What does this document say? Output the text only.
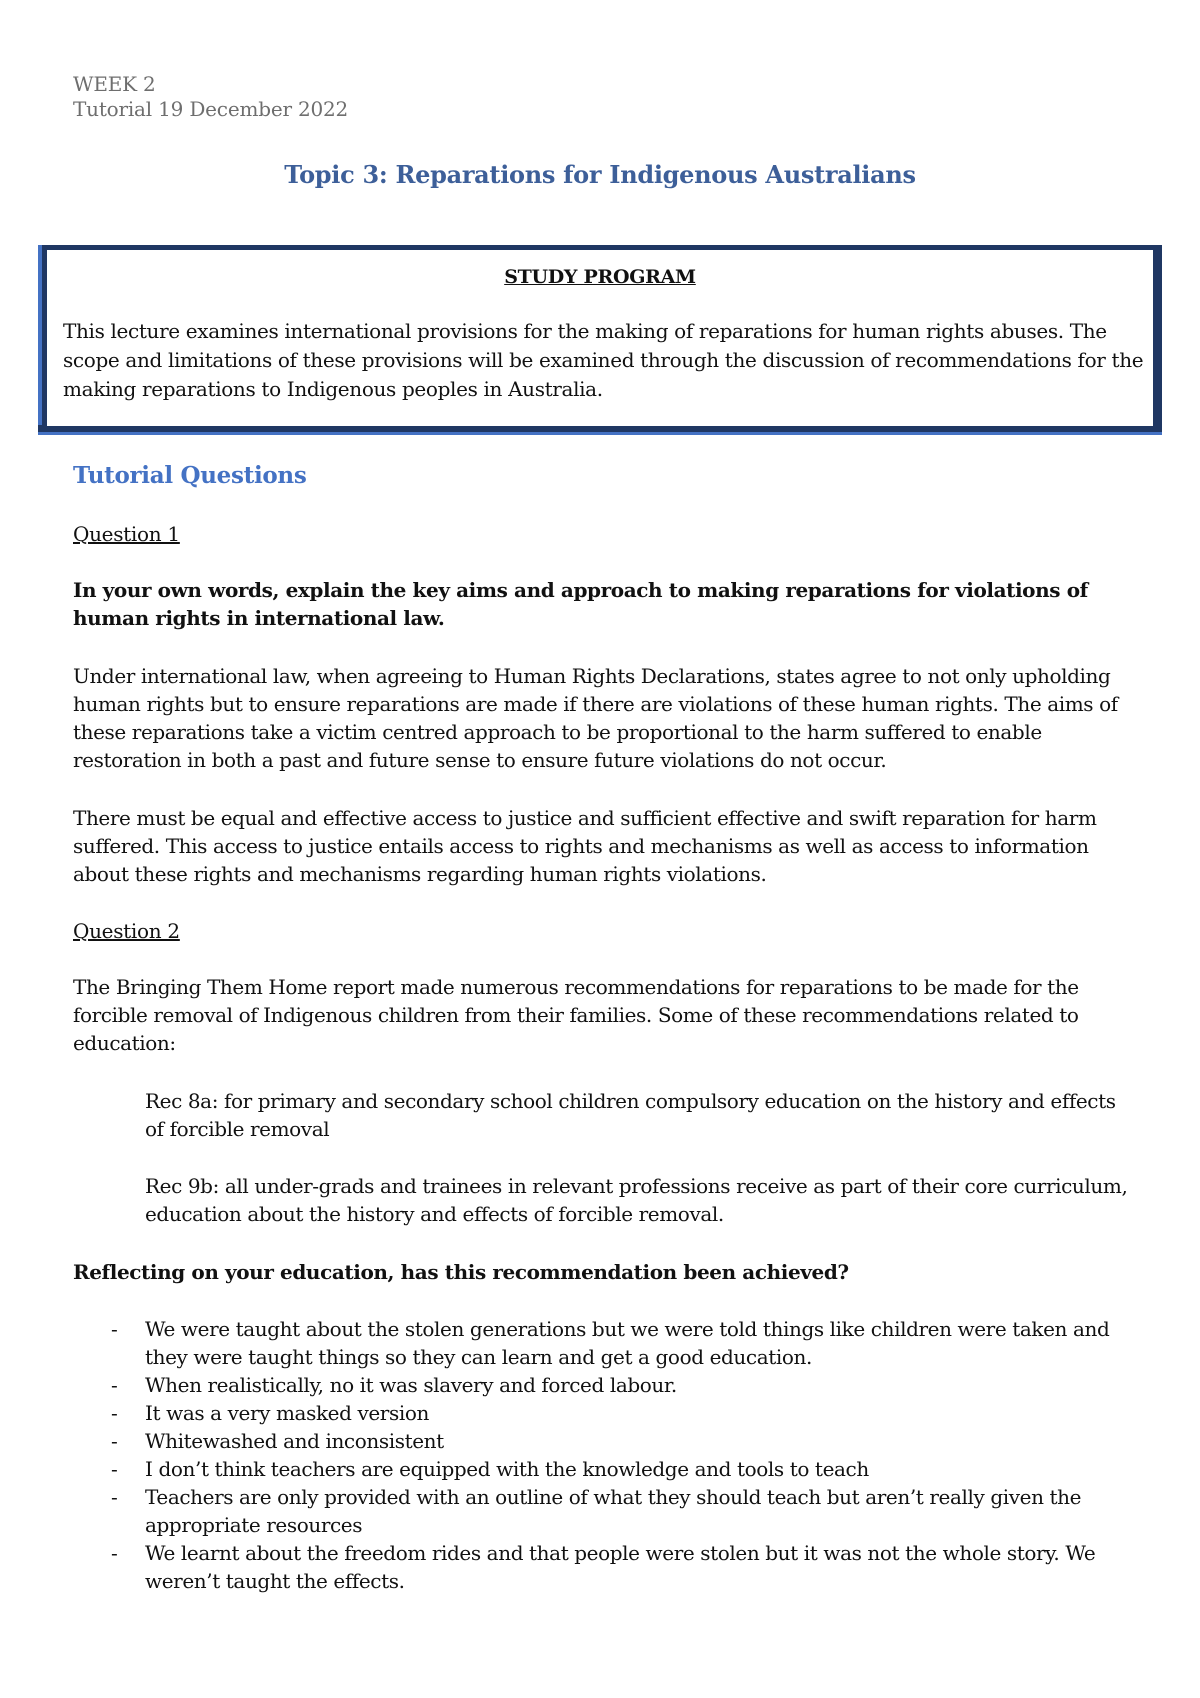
WEEK 2
Tutorial 19 December 2022
Topic 3: Reparations for Indigenous Australians
STUDY PROGRAM

This lecture examines international provisions for the making of reparations for human rights abuses. The scope and limitations of these provisions will be examined through the discussion of recommendations for the making reparations to Indigenous peoples in Australia.

Tutorial Questions
Question 1

In your own words, explain the key aims and approach to making reparations for violations of human rights in international law.

Under international law, when agreeing to Human Rights Declarations, states agree to not only upholding human rights but to ensure reparations are made if there are violations of these human rights. The aims of these reparations take a victim centred approach to be proportional to the harm suffered to enable restoration in both a past and future sense to ensure future violations do not occur.

There must be equal and effective access to justice and sufficient effective and swift reparation for harm suffered. This access to justice entails access to rights and mechanisms as well as access to information about these rights and mechanisms regarding human rights violations.

Question 2

The Bringing Them Home report made numerous recommendations for reparations to be made for the forcible removal of Indigenous children from their families. Some of these recommendations related to education:

Rec 8a: for primary and secondary school children compulsory education on the history and effects of forcible removal

Rec 9b: all under-grads and trainees in relevant professions receive as part of their core curriculum, education about the history and effects of forcible removal.

Reflecting on your education, has this recommendation been achieved?

- We were taught about the stolen generations but we were told things like children were taken and they were taught things so they can learn and get a good education.
- When realistically, no it was slavery and forced labour.
- It was a very masked version
- Whitewashed and inconsistent
- I don’t think teachers are equipped with the knowledge and tools to teach
- Teachers are only provided with an outline of what they should teach but aren’t really given the appropriate resources
- We learnt about the freedom rides and that people were stolen but it was not the whole story. We weren’t taught the effects.
